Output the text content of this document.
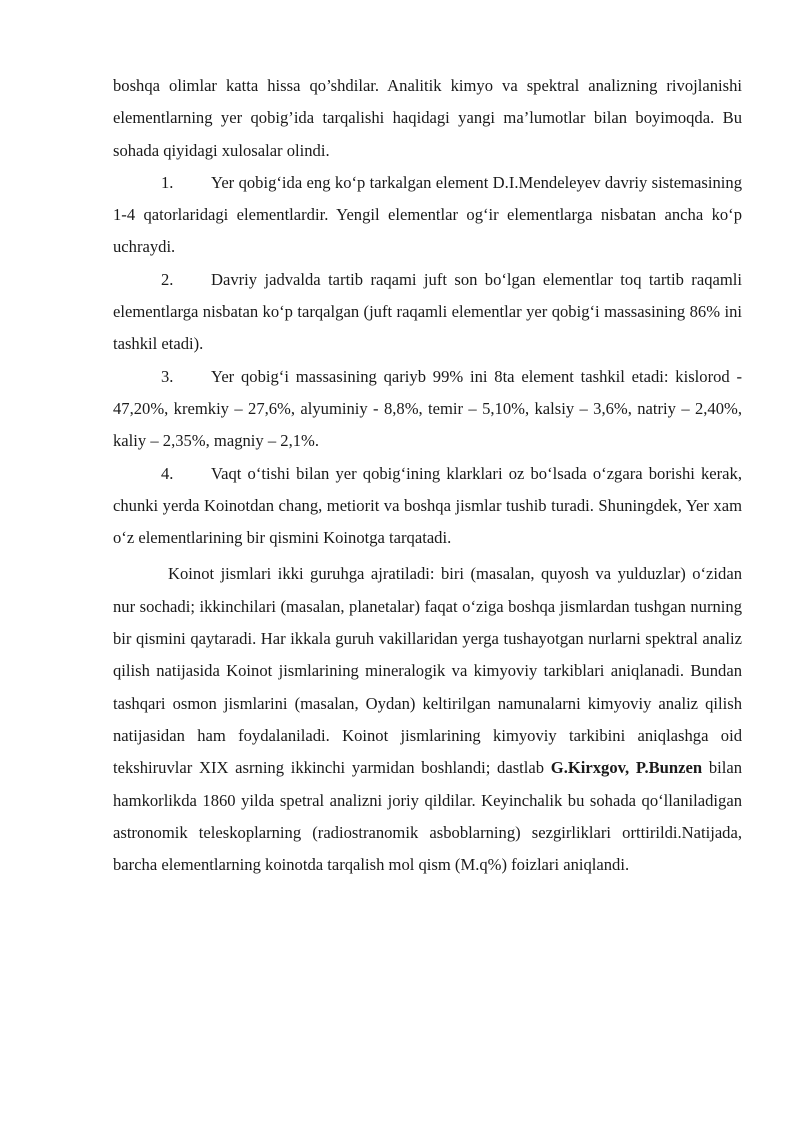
boshqa olimlar katta hissa qo’shdilar. Analitik kimyo va spektral analizning rivojlanishi elementlarning yer qobig’ida tarqalishi haqidagi yangi ma’lumotlar bilan boyimoqda. Bu sohada qiyidagi xulosalar olindi.

1. Yer qobig‘ida eng ko‘p tarkalgan element D.I.Mendeleyev davriy sistemasining 1-4 qatorlaridagi elementlardir. Yengil elementlar og‘ir elementlarga nisbatan ancha ko‘p uchraydi.

2. Davriy jadvalda tartib raqami juft son bo‘lgan elementlar toq tartib raqamli elementlarga nisbatan ko‘p tarqalgan (juft raqamli elementlar yer qobig‘i massasining 86% ini tashkil etadi).

3. Yer qobig‘i massasining qariyb 99% ini 8ta element tashkil etadi: kislorod - 47,20%, kremkiy – 27,6%, alyuminiy - 8,8%, temir – 5,10%, kalsiy – 3,6%, natriy – 2,40%, kaliy – 2,35%, magniy – 2,1%.

4. Vaqt o‘tishi bilan yer qobig‘ining klarklari oz bo‘lsada o‘zgara borishi kerak, chunki yerda Koinotdan chang, metiorit va boshqa jismlar tushib turadi. Shuningdek, Yer xam o‘z elementlarining bir qismini Koinotga tarqatadi.

Koinot jismlari ikki guruhga ajratiladi: biri (masalan, quyosh va yulduzlar) o‘zidan nur sochadi; ikkinchilari (masalan, planetalar) faqat o‘ziga boshqa jismlardan tushgan nurning bir qismini qaytaradi. Har ikkala guruh vakillaridan yerga tushayotgan nurlarni spektral analiz qilish natijasida Koinot jismlarining mineralogik va kimyoviy tarkiblari aniqlanadi. Bundan tashqari osmon jismlarini (masalan, Oydan) keltirilgan namunalarni kimyoviy analiz qilish natijasidan ham foydalaniladi. Koinot jismlarining kimyoviy tarkibini aniqlashga oid tekshiruvlar XIX asrning ikkinchi yarmidan boshlandi; dastlab G.Kirxgov, P.Bunzen bilan hamkorlikda 1860 yilda spetral analizni joriy qildilar. Keyinchalik bu sohada qo‘llaniladigan astronomik teleskoplarning (radiostranomik asboblarning) sezgirliklari orttirildi.Natijada, barcha elementlarning koinotda tarqalish mol qism (M.q%) foizlari aniqlandi.
